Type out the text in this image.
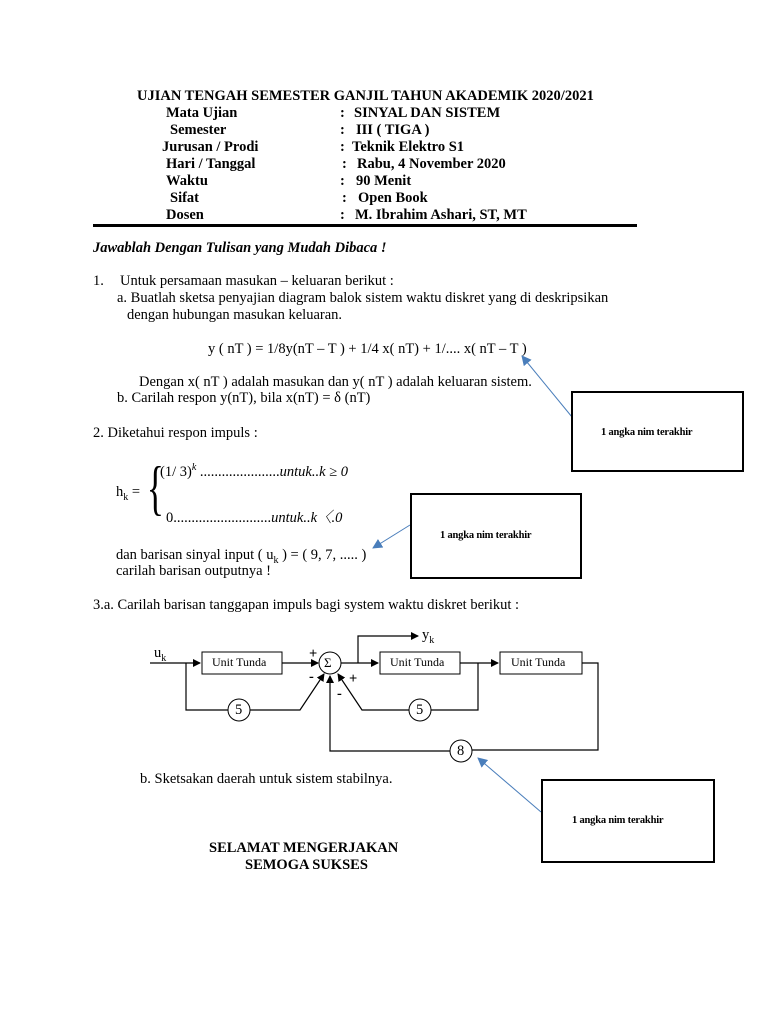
UJIAN TENGAH SEMESTER GANJIL TAHUN AKADEMIK 2020/2021
Mata Ujian	: SINYAL DAN SISTEM
Semester	: III ( TIGA )
Jurusan / Prodi	: Teknik Elektro S1
Hari / Tanggal	: Rabu, 4 November 2020
Waktu	: 90 Menit
Sifat	: Open Book
Dosen	: M. Ibrahim Ashari, ST, MT
Jawablah Dengan Tulisan yang Mudah Dibaca !
1. Untuk persamaan masukan – keluaran berikut :
a. Buatlah sketsa penyajian diagram balok sistem waktu diskret yang di deskripsikan
dengan hubungan masukan keluaran.
y ( nT ) = 1/8y(nT – T ) + 1/4 x( nT) + 1/.... x( nT – T )
Dengan x( nT ) adalah masukan dan y( nT ) adalah keluaran sistem.
b. Carilah respon y(nT), bila x(nT) = δ (nT)
2. Diketahui respon impuls :
$h_k$ = {
(1/ 3)$^k$ ......................untuk..k ≥ 0
0...........................untuk..k〈.0
dan barisan sinyal input ( $u_k$ ) = ( 9, 7, ..... )
carilah barisan outputnya !
3.a. Carilah barisan tanggapan impuls bagi system waktu diskret berikut :
$u_k$
$y_k$
Unit Tunda	Unit Tunda	Unit Tunda
Σ
5	5
8
+
- +
-
b. Sketsakan daerah untuk sistem stabilnya.
1 angka nim terakhir
1 angka nim terakhir
1 angka nim terakhir
SELAMAT MENGERJAKAN
SEMOGA SUKSES
